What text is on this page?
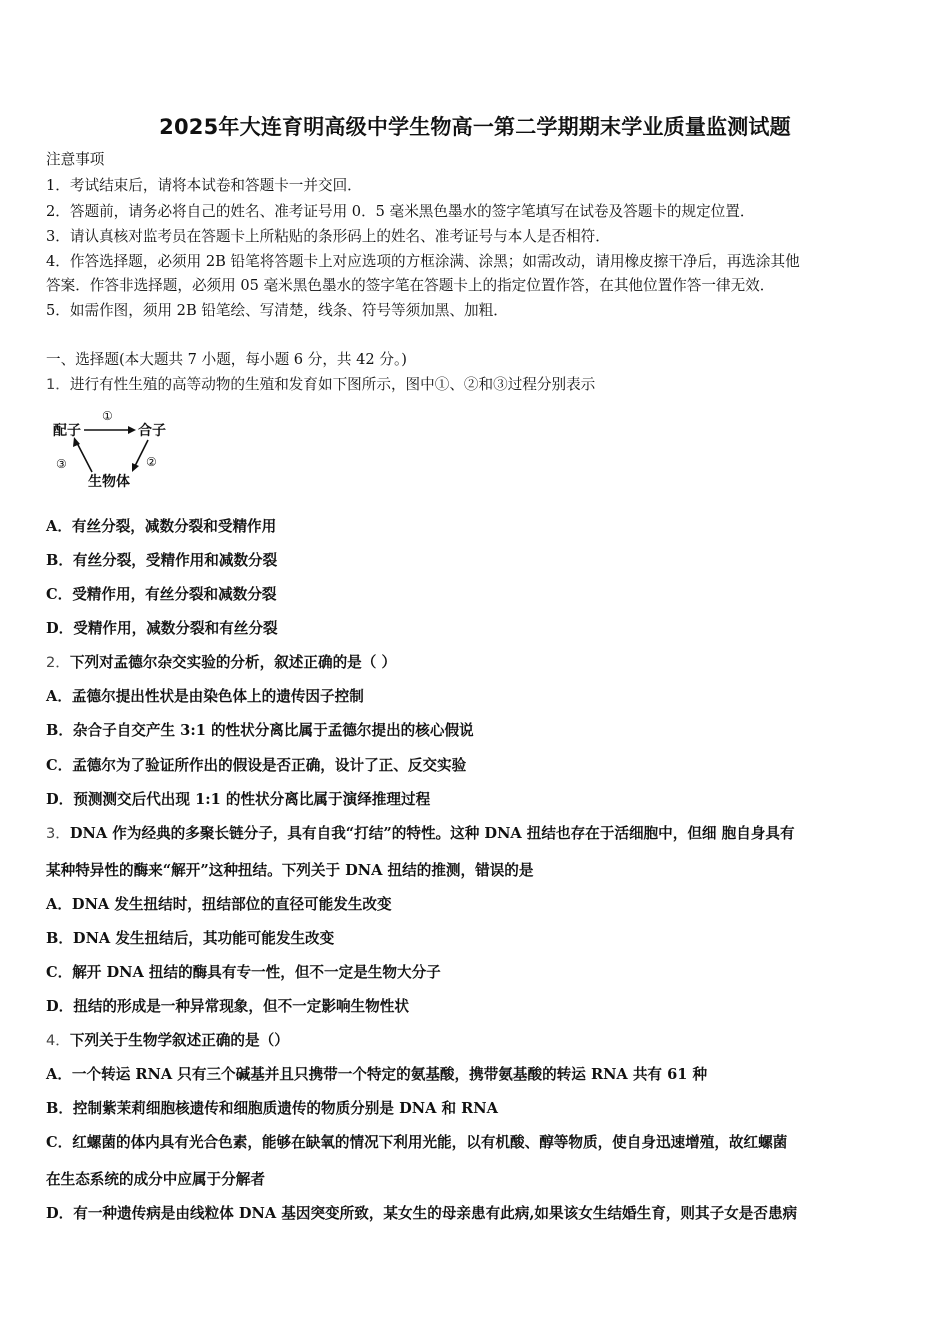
2025年大连育明高级中学生物高一第二学期期末学业质量监测试题
注意事项
1．考试结束后，请将本试卷和答题卡一并交回．
2．答题前，请务必将自己的姓名、准考证号用 0．5 毫米黑色墨水的签字笔填写在试卷及答题卡的规定位置．
3．请认真核对监考员在答题卡上所粘贴的条形码上的姓名、准考证号与本人是否相符．
4．作答选择题，必须用 2B 铅笔将答题卡上对应选项的方框涂满、涂黑；如需改动，请用橡皮擦干净后，再选涂其他
答案．作答非选择题，必须用 05 毫米黑色墨水的签字笔在答题卡上的指定位置作答，在其他位置作答一律无效．
5．如需作图，须用 2B 铅笔绘、写清楚，线条、符号等须加黑、加粗．
一、选择题(本大题共 7 小题，每小题 6 分，共 42 分。)
1．进行有性生殖的高等动物的生殖和发育如下图所示，图中①、②和③过程分别表示
配子	合子
生物体
①
②
③
A．有丝分裂，减数分裂和受精作用
B．有丝分裂，受精作用和减数分裂
C．受精作用，有丝分裂和减数分裂
D．受精作用，减数分裂和有丝分裂
2．下列对孟德尔杂交实验的分析，叙述正确的是（ ）
A．孟德尔提出性状是由染色体上的遗传因子控制
B．杂合子自交产生 3:1 的性状分离比属于孟德尔提出的核心假说
C．孟德尔为了验证所作出的假设是否正确，设计了正、反交实验
D．预测测交后代出现 1:1 的性状分离比属于演绎推理过程
3．DNA 作为经典的多聚长链分子，具有自我“打结”的特性。这种 DNA 扭结也存在于活细胞中，但细 胞自身具有
某种特异性的酶来“解开”这种扭结。下列关于 DNA 扭结的推测，错误的是
A．DNA 发生扭结时，扭结部位的直径可能发生改变
B．DNA 发生扭结后，其功能可能发生改变
C．解开 DNA 扭结的酶具有专一性，但不一定是生物大分子
D．扭结的形成是一种异常现象，但不一定影响生物性状
4．下列关于生物学叙述正确的是（）
A．一个转运 RNA 只有三个碱基并且只携带一个特定的氨基酸，携带氨基酸的转运 RNA 共有 61 种
B．控制紫茉莉细胞核遗传和细胞质遗传的物质分别是 DNA 和 RNA
C．红螺菌的体内具有光合色素，能够在缺氧的情况下利用光能，以有机酸、醇等物质，使自身迅速增殖，故红螺菌
在生态系统的成分中应属于分解者
D．有一种遗传病是由线粒体 DNA 基因突变所致，某女生的母亲患有此病,如果该女生结婚生育，则其子女是否患病
